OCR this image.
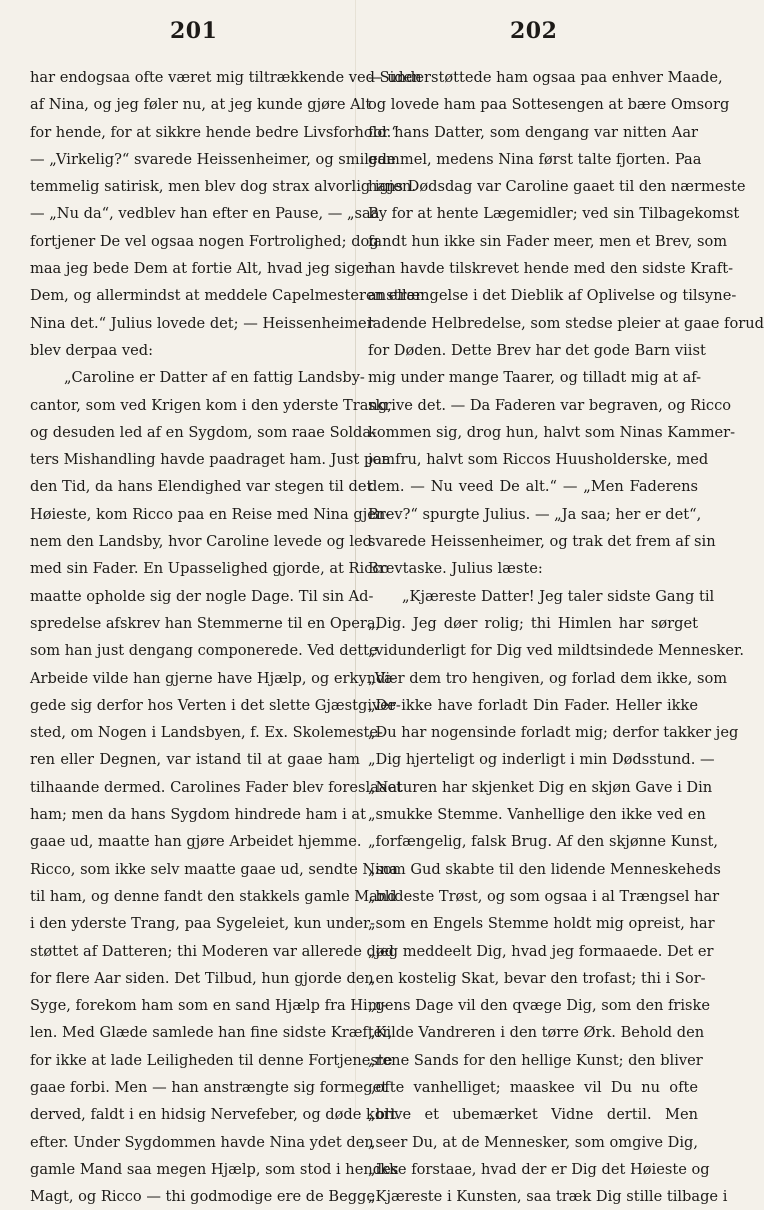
201	202
har endogsaa ofte været mig tiltrækkende ved Siden
af Nina, og jeg føler nu, at jeg kunde gjøre Alt
for hende, for at sikkre hende bedre Livsforhold.“
— „Virkelig?“ svarede Heissenheimer, og smilede
temmelig satirisk, men blev dog strax alvorlig igjen.
— „Nu da“, vedblev han efter en Pause, — „saa
fortjener De vel ogsaa nogen Fortrolighed; dog
maa jeg bede Dem at fortie Alt, hvad jeg siger
Dem, og allermindst at meddele Capelmesteren eller
Nina det.“ Julius lovede det; — Heissenheimer
blev derpaa ved:
„Caroline er Datter af en fattig Landsby-
cantor, som ved Krigen kom i den yderste Trang,
og desuden led af en Sygdom, som raae Solda-
ters Mishandling havde paadraget ham. Just paa
den Tid, da hans Elendighed var stegen til det
Høieste, kom Ricco paa en Reise med Nina gjen-
nem den Landsby, hvor Caroline levede og led
med sin Fader. En Upasselighed gjorde, at Ricco
maatte opholde sig der nogle Dage. Til sin Ad-
spredelse afskrev han Stemmerne til en Opera,
som han just dengang componerede. Ved dette
Arbeide vilde han gjerne have Hjælp, og erkyndi-
gede sig derfor hos Verten i det slette Gjæstgiver-
sted, om Nogen i Landsbyen, f. Ex. Skolemeste-
ren eller Degnen, var istand til at gaae ham
tilhaande dermed. Carolines Fader blev foreslaaet
ham; men da hans Sygdom hindrede ham i at
gaae ud, maatte han gjøre Arbeidet hjemme.
Ricco, som ikke selv maatte gaae ud, sendte Nina
til ham, og denne fandt den stakkels gamle Mand
i den yderste Trang, paa Sygeleiet, kun under-
støttet af Datteren; thi Moderen var allerede død
for flere Aar siden. Det Tilbud, hun gjorde den
Syge, forekom ham som en sand Hjælp fra Him-
len. Med Glæde samlede han fine sidste Kræfter,
for ikke at lade Leiligheden til denne Fortjeneste
gaae forbi. Men — han anstrængte sig formeget
derved, faldt i en hidsig Nervefeber, og døde kort
efter. Under Sygdommen havde Nina ydet den
gamle Mand saa megen Hjælp, som stod i hendes
Magt, og Ricco — thi godmodige ere de Begge
— understøttede ham ogsaa paa enhver Maade,
og lovede ham paa Sottesengen at bære Omsorg
for hans Datter, som dengang var nitten Aar
gammel, medens Nina først talte fjorten. Paa
hans Dødsdag var Caroline gaaet til den nærmeste
By for at hente Lægemidler; ved sin Tilbagekomst
fandt hun ikke sin Fader meer, men et Brev, som
han havde tilskrevet hende med den sidste Kraft-
anstrængelse i det Dieblik af Oplivelse og tilsyne-
ladende Helbredelse, som stedse pleier at gaae forud
for Døden. Dette Brev har det gode Barn viist
mig under mange Taarer, og tilladt mig at af-
skrive det. — Da Faderen var begraven, og Ricco
kommen sig, drog hun, halvt som Ninas Kammer-
jomfru, halvt som Riccos Huusholderske, med
dem. — Nu veed De alt.“ — „Men Faderens
Brev?“ spurgte Julius. — „Ja saa; her er det“,
svarede Heissenheimer, og trak det frem af sin
Brevtaske. Julius læste:
„Kjæreste Datter! Jeg taler sidste Gang til
„Dig. Jeg døer rolig; thi Himlen har sørget
„vidunderligt for Dig ved mildtsindede Mennesker.
„Vær dem tro hengiven, og forlad dem ikke, som
„De ikke have forladt Din Fader. Heller ikke
„Du har nogensinde forladt mig; derfor takker jeg
„Dig hjerteligt og inderligt i min Dødsstund. —
„Naturen har skjenket Dig en skjøn Gave i Din
„smukke Stemme. Vanhellige den ikke ved en
„forfængelig, falsk Brug. Af den skjønne Kunst,
„som Gud skabte til den lidende Menneskeheds
„blideste Trøst, og som ogsaa i al Trængsel har
„som en Engels Stemme holdt mig opreist, har
„jeg meddeelt Dig, hvad jeg formaaede. Det er
„en kostelig Skat, bevar den trofast; thi i Sor-
„gens Dage vil den qvæge Dig, som den friske
„Kilde Vandreren i den tørre Ørk. Behold den
„rene Sands for den hellige Kunst; den bliver
„ofte vanhelliget; maaskee vil Du nu ofte
„blive et ubemærket Vidne dertil. Men
„seer Du, at de Mennesker, som omgive Dig,
„ikke forstaae, hvad der er Dig det Høieste og
„Kjæreste i Kunsten, saa træk Dig stille tilbage i
